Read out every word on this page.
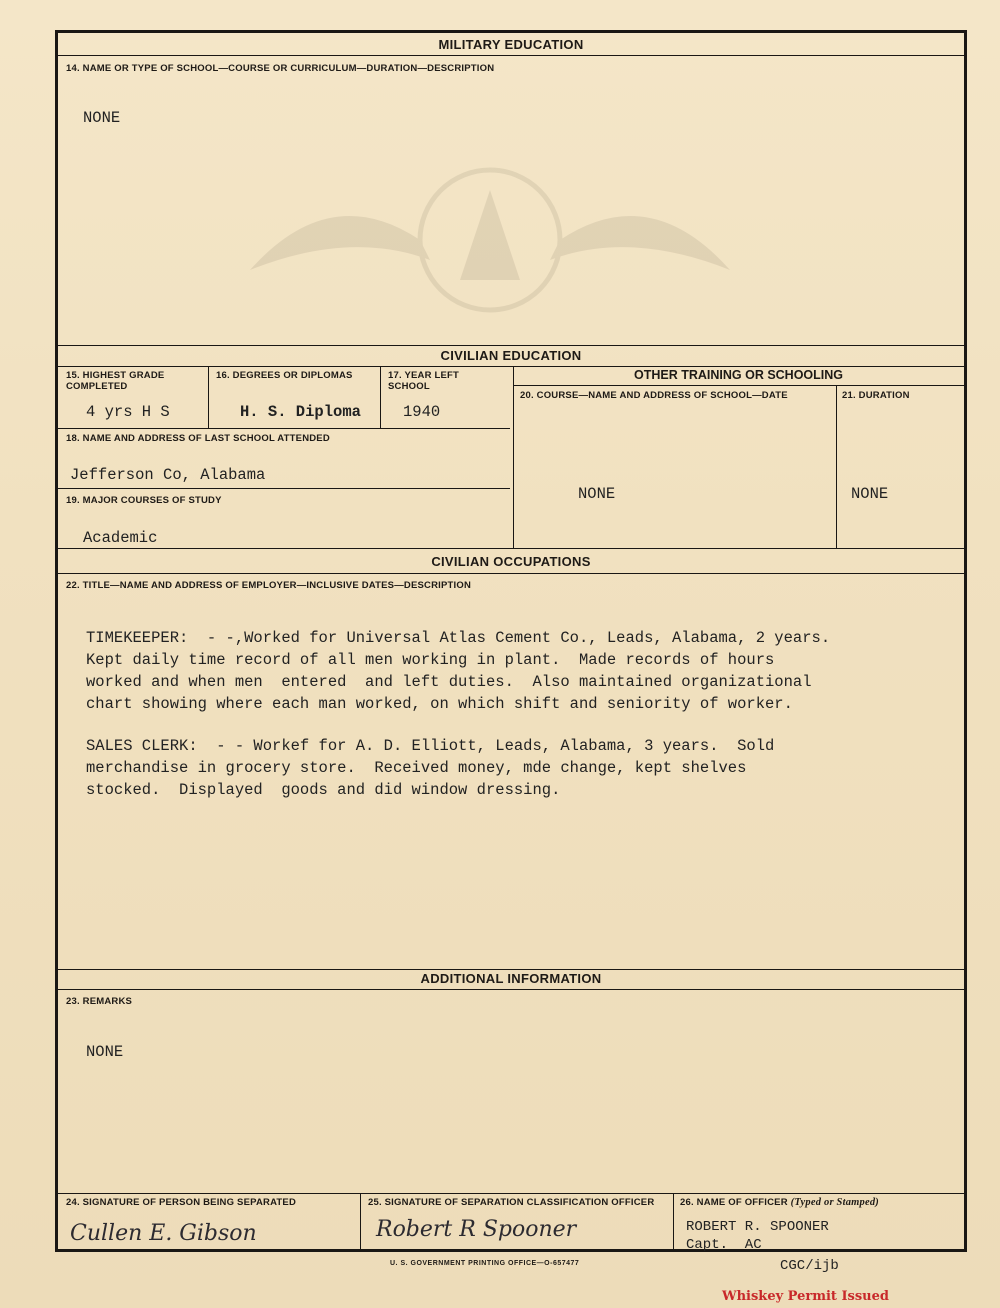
MILITARY EDUCATION
14. NAME OR TYPE OF SCHOOL—COURSE OR CURRICULUM—DURATION—DESCRIPTION
NONE
CIVILIAN EDUCATION
15. HIGHEST GRADE COMPLETED
4 yrs H S
16. DEGREES OR DIPLOMAS
H. S. Diploma
17. YEAR LEFT SCHOOL
1940
18. NAME AND ADDRESS OF LAST SCHOOL ATTENDED
Jefferson Co, Alabama
19. MAJOR COURSES OF STUDY
Academic
OTHER TRAINING OR SCHOOLING
20. COURSE—NAME AND ADDRESS OF SCHOOL—DATE
NONE
21. DURATION
NONE
CIVILIAN OCCUPATIONS
22. TITLE—NAME AND ADDRESS OF EMPLOYER—INCLUSIVE DATES—DESCRIPTION
TIMEKEEPER:  - -,Worked for Universal Atlas Cement Co., Leads, Alabama, 2 years.
Kept daily time record of all men working in plant.  Made records of hours
worked and when men  entered  and left duties.  Also maintained organizational
chart showing where each man worked, on which shift and seniority of worker.
SALES CLERK:  - - Workef for A. D. Elliott, Leads, Alabama, 3 years.  Sold
merchandise in grocery store.  Received money, mde change, kept shelves
stocked.  Displayed  goods and did window dressing.
ADDITIONAL INFORMATION
23. REMARKS
NONE
24. SIGNATURE OF PERSON BEING SEPARATED
Cullen E. Gibson
25. SIGNATURE OF SEPARATION CLASSIFICATION OFFICER
Robert R Spooner
26. NAME OF OFFICER (Typed or Stamped)
ROBERT R. SPOONER
Capt.  AC
U. S. GOVERNMENT PRINTING OFFICE—O-657477	CGC/ijb
Whiskey Permit Issued
